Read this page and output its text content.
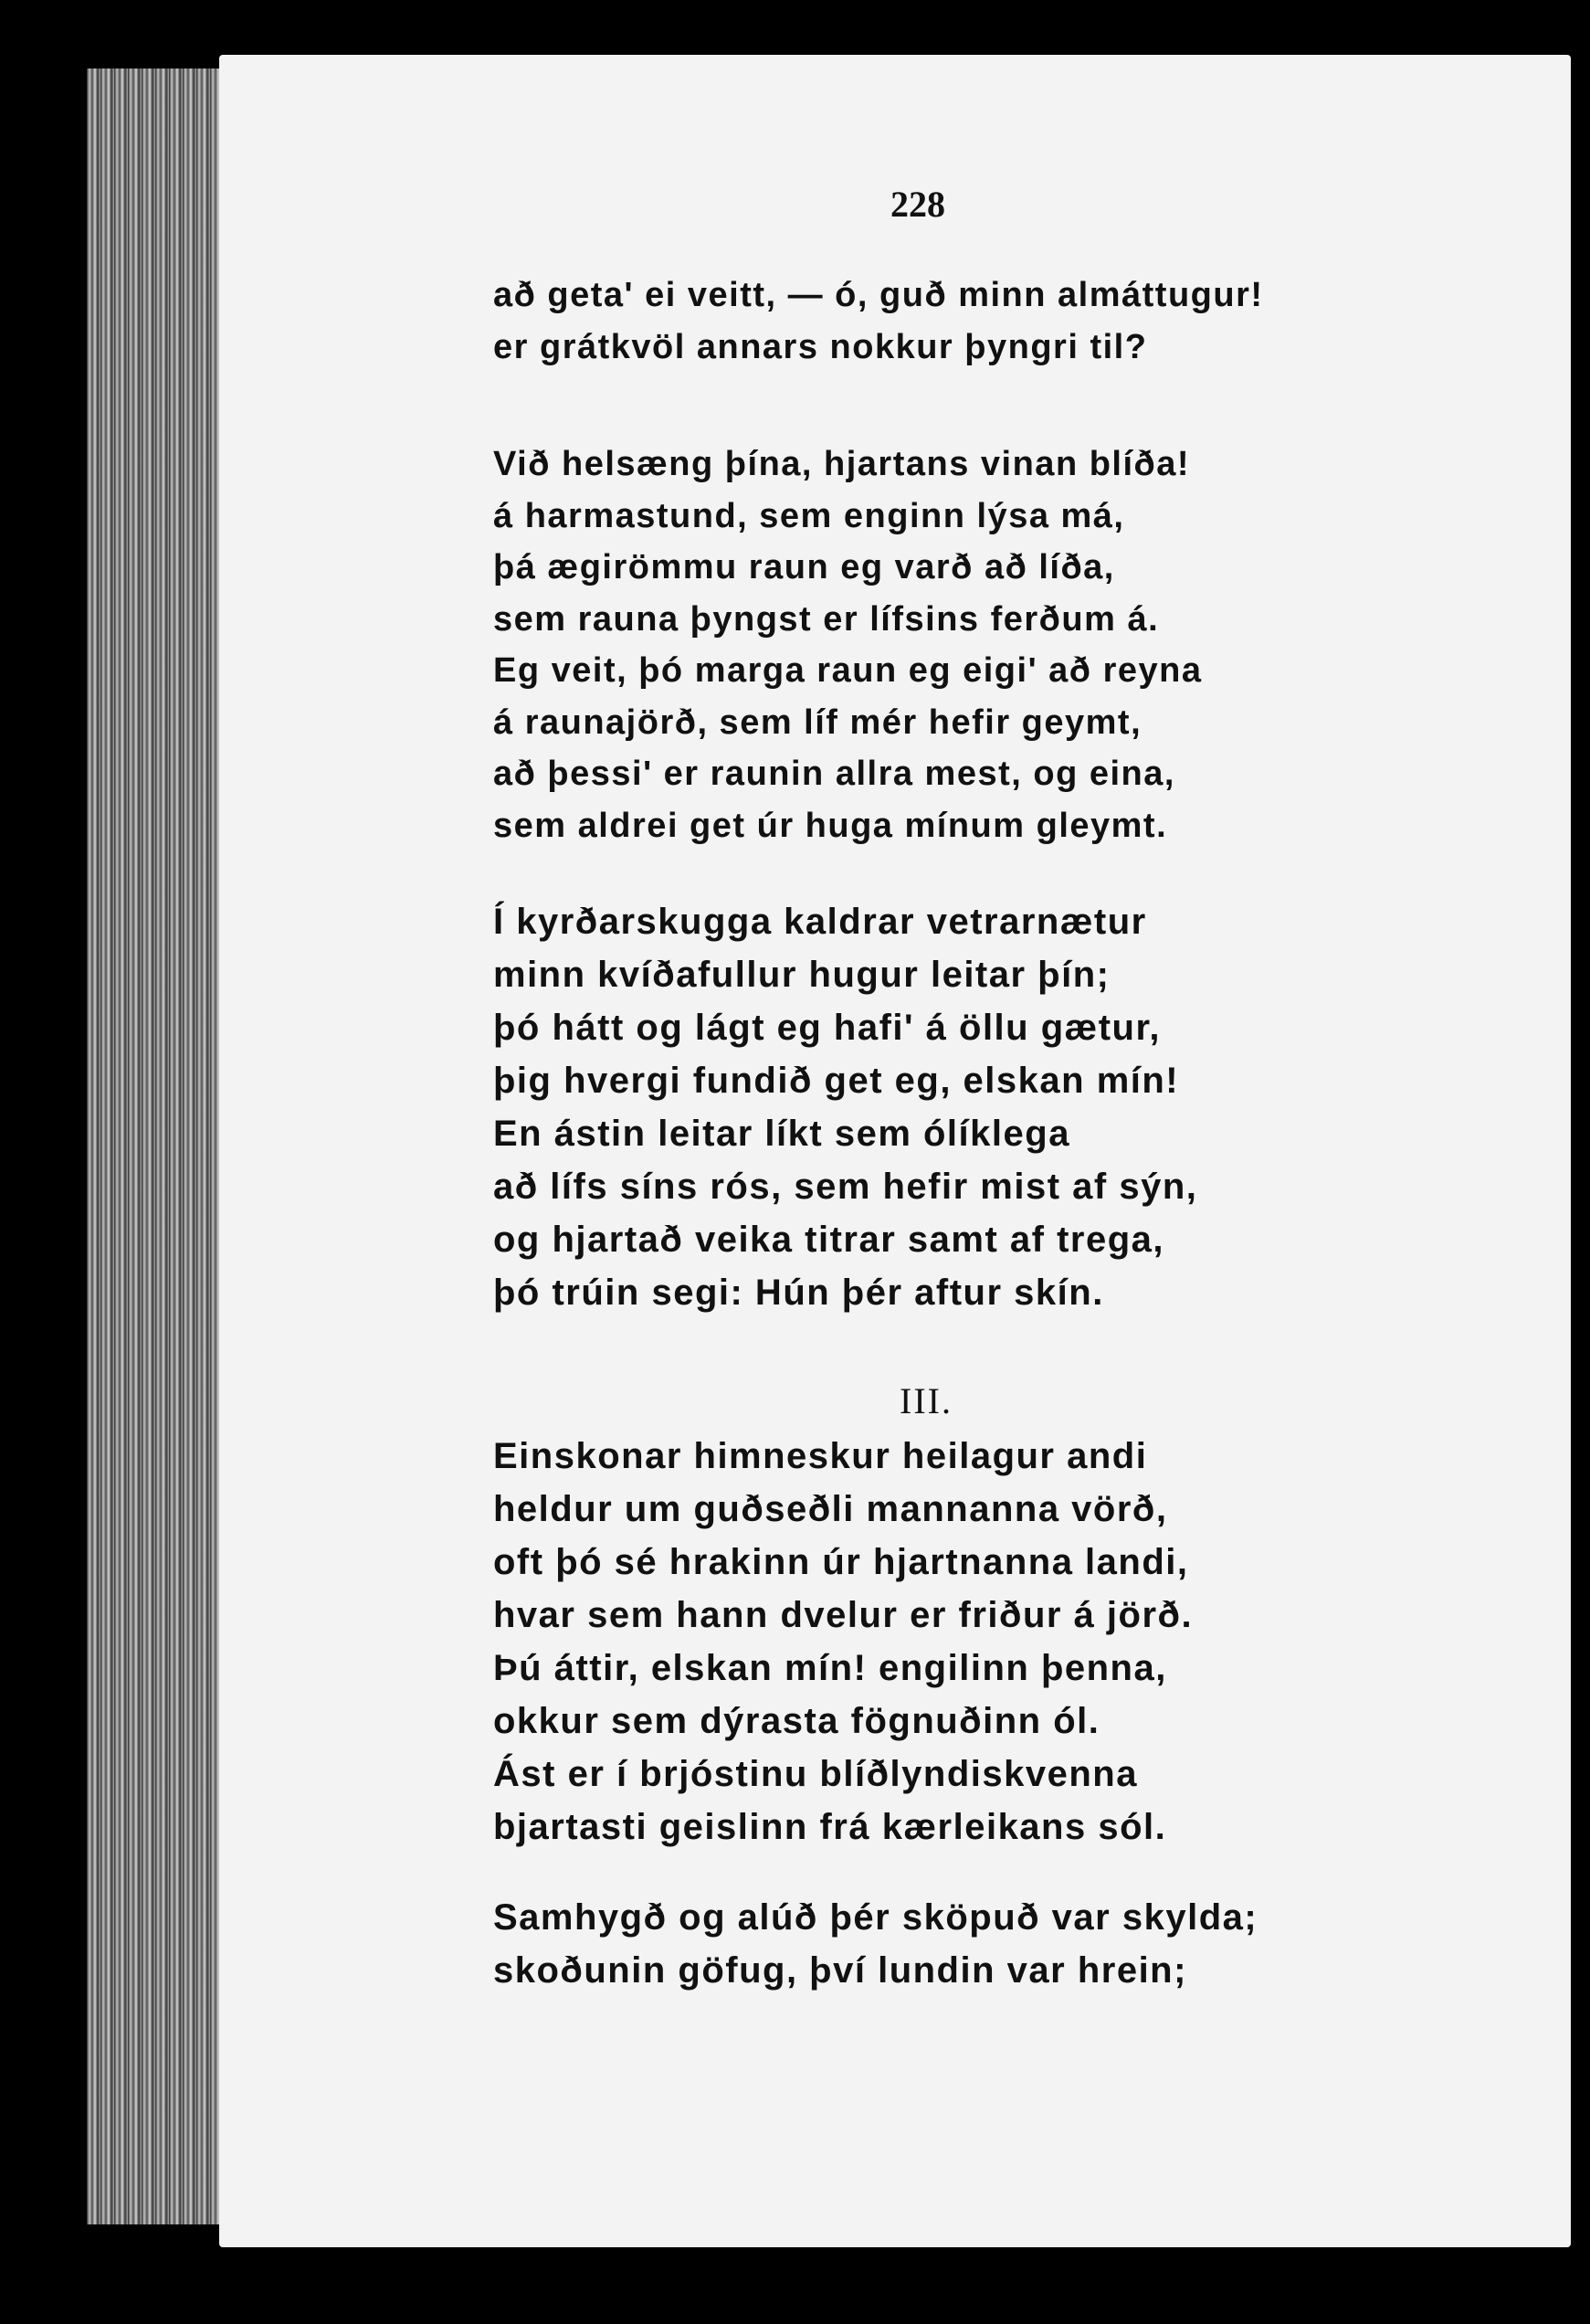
228
að geta' ei veitt, — ó, guð minn almáttugur!
er grátkvöl annars nokkur þyngri til?
Við helsæng þína, hjartans vinan blíða!
á harmastund, sem enginn lýsa má,
þá ægirömmu raun eg varð að líða,
sem rauna þyngst er lífsins ferðum á.
Eg veit, þó marga raun eg eigi' að reyna
á raunajörð, sem líf mér hefir geymt,
að þessi' er raunin allra mest, og eina,
sem aldrei get úr huga mínum gleymt.
Í kyrðarskugga kaldrar vetrarnætur
minn kvíðafullur hugur leitar þín;
þó hátt og lágt eg hafi' á öllu gætur,
þig hvergi fundið get eg, elskan mín!
En ástin leitar líkt sem ólíklega
að lífs síns rós, sem hefir mist af sýn,
og hjartað veika titrar samt af trega,
þó trúin segi: Hún þér aftur skín.
III.
Einskonar himneskur heilagur andi
heldur um guðseðli mannanna vörð,
oft þó sé hrakinn úr hjartnanna landi,
hvar sem hann dvelur er friður á jörð.
Þú áttir, elskan mín! engilinn þenna,
okkur sem dýrasta fögnuðinn ól.
Ást er í brjóstinu blíðlyndiskvenna
bjartasti geislinn frá kærleikans sól.
Samhygð og alúð þér sköpuð var skylda;
skoðunin göfug, því lundin var hrein;
